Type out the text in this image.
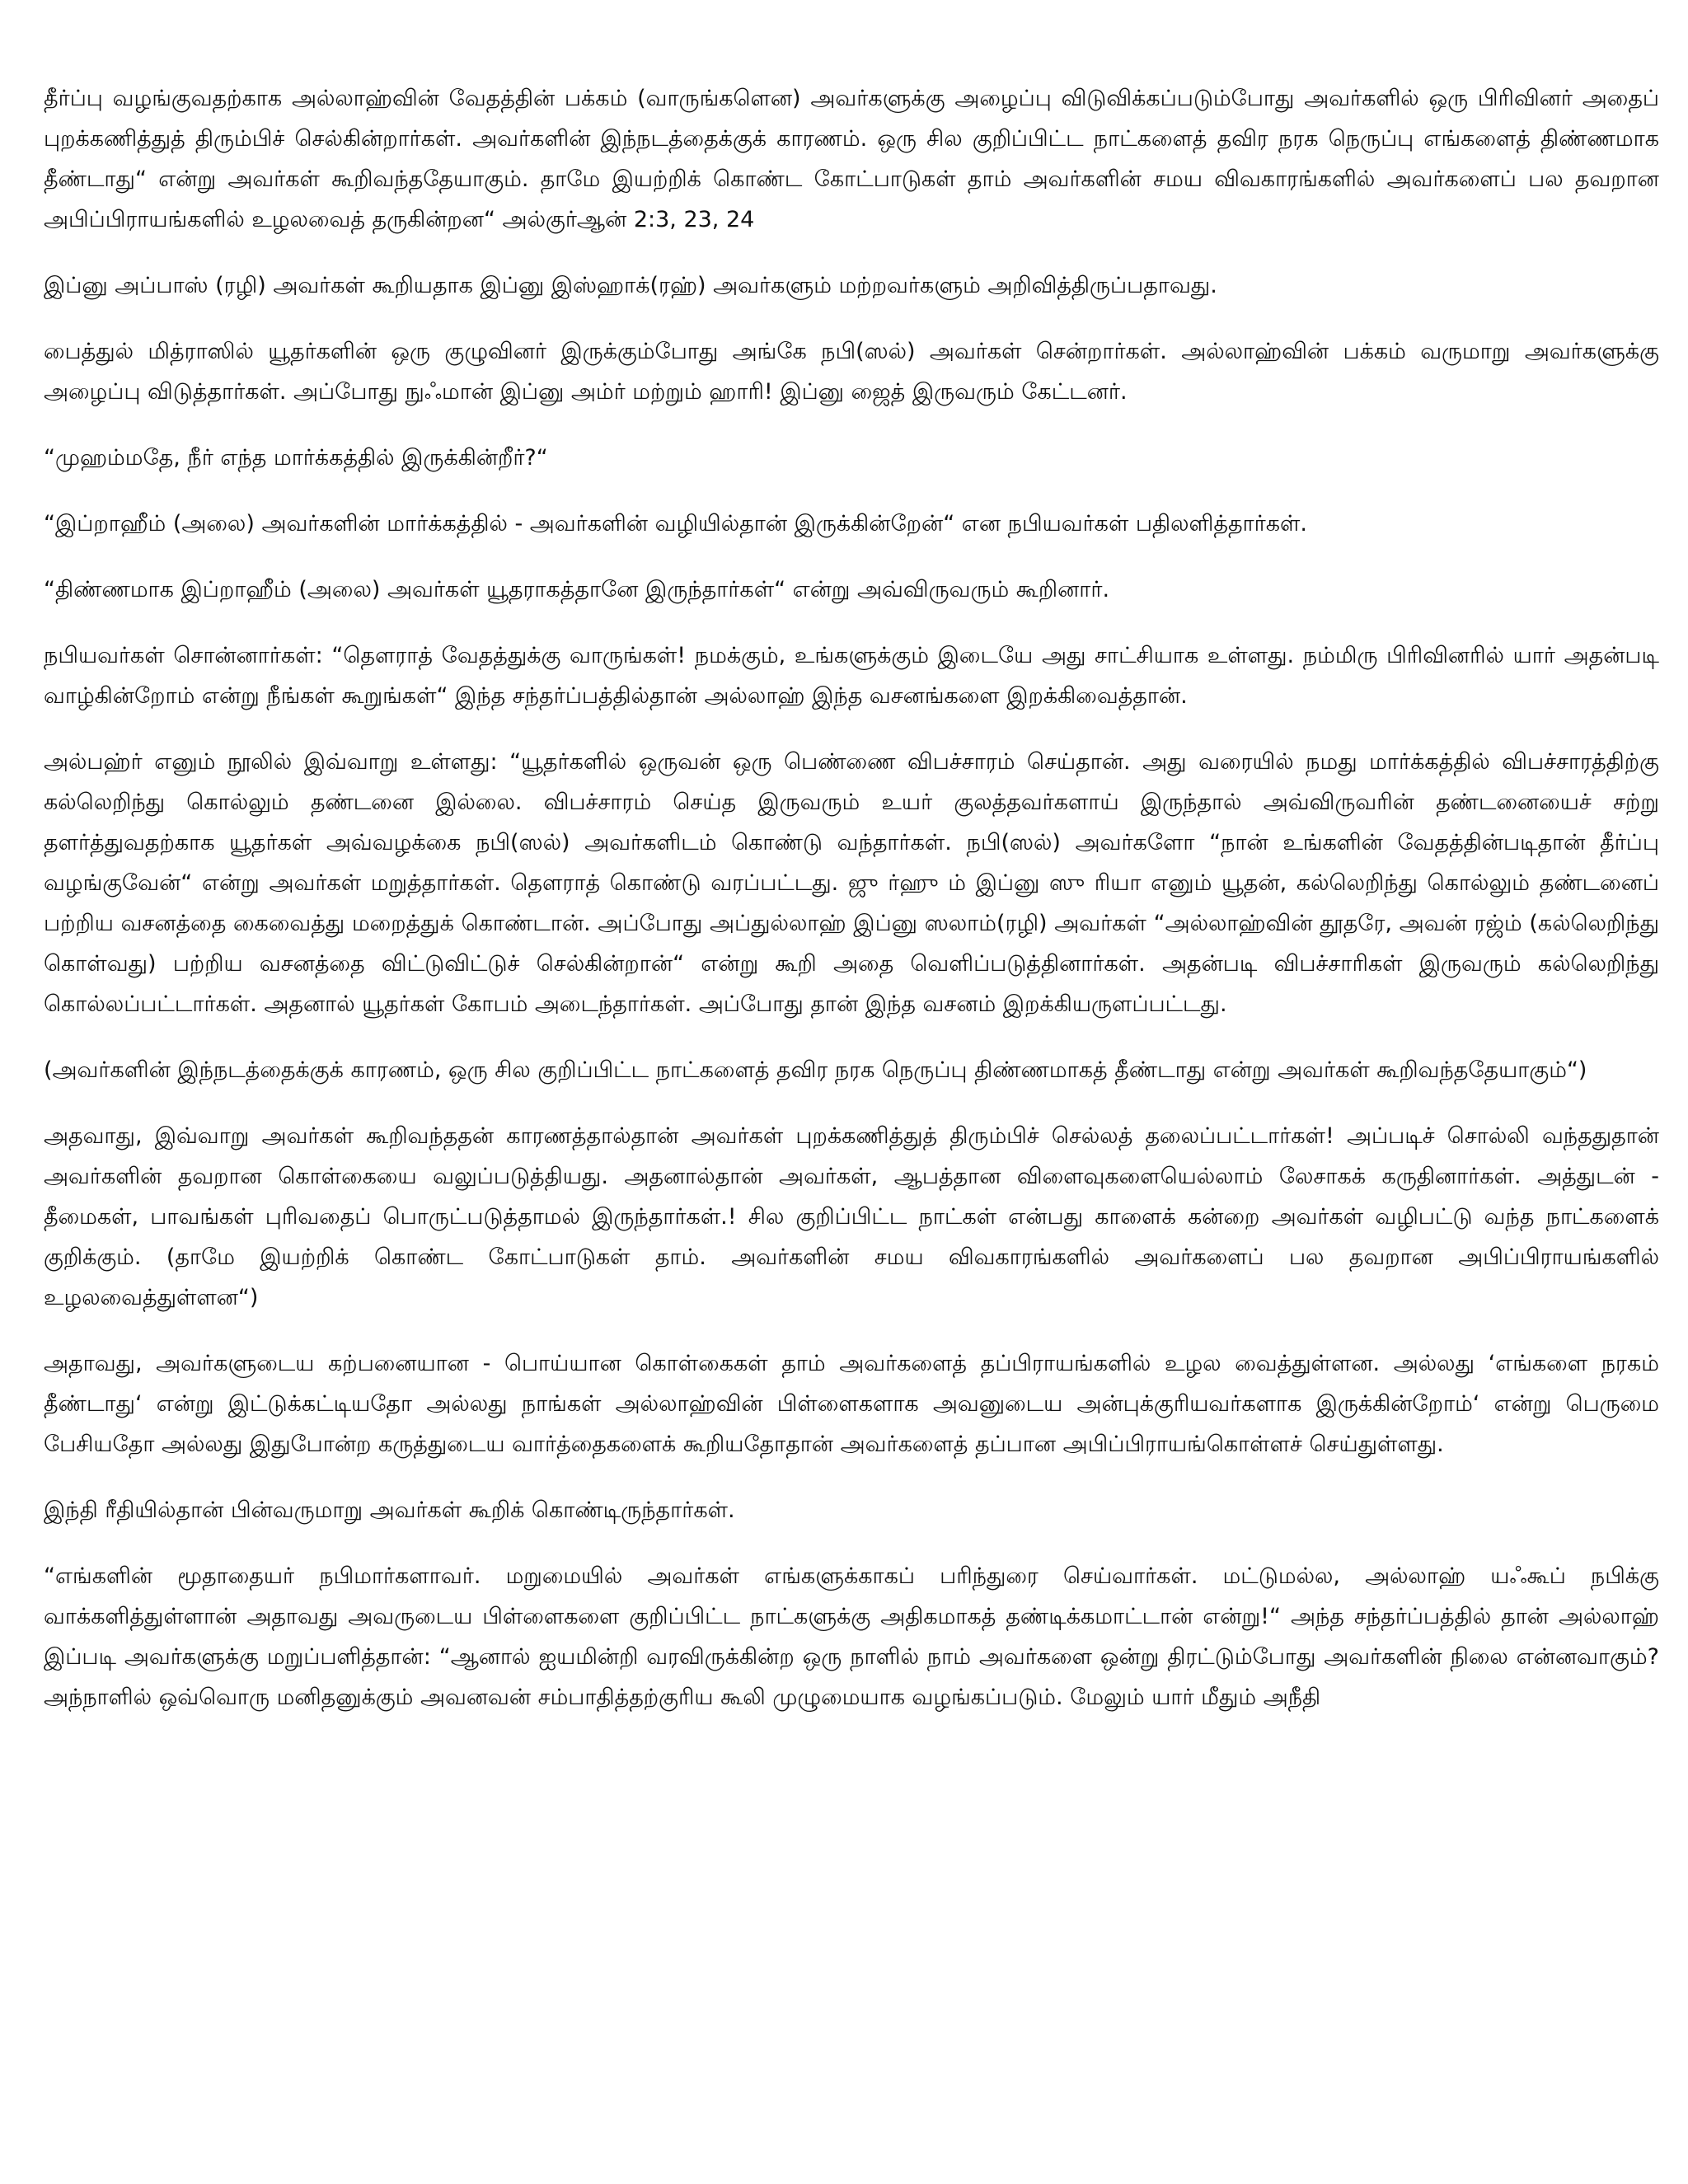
தீர்ப்பு வழங்குவதற்காக அல்லாஹ்வின் வேதத்தின் பக்கம் (வாருங்களென) அவர்களுக்கு அழைப்பு விடுவிக்கப்படும்போது அவர்களில் ஒரு பிரிவினர் அதைப் புறக்கணித்துத் திரும்பிச் செல்கின்றார்கள். அவர்களின் இந்நடத்தைக்குக் காரணம். ஒரு சில குறிப்பிட்ட நாட்களைத் தவிர நரக நெருப்பு எங்களைத் திண்ணமாக தீண்டாது“ என்று அவர்கள் கூறிவந்ததேயாகும். தாமே இயற்றிக் கொண்ட கோட்பாடுகள் தாம் அவர்களின் சமய விவகாரங்களில் அவர்களைப் பல தவறான அபிப்பிராயங்களில் உழலவைத் தருகின்றன“ அல்குர்ஆன் 2:3, 23, 24

இப்னு அப்பாஸ் (ரழி) அவர்கள் கூறியதாக இப்னு இஸ்ஹாக்(ரஹ்) அவர்களும் மற்றவர்களும் அறிவித்திருப்பதாவது.

பைத்துல் மித்ராஸில் யூதர்களின் ஒரு குழுவினர் இருக்கும்போது அங்கே நபி(ஸல்) அவர்கள் சென்றார்கள். அல்லாஹ்வின் பக்கம் வருமாறு அவர்களுக்கு அழைப்பு விடுத்தார்கள். அப்போது நுஃமான் இப்னு அம்ர் மற்றும் ஹாரி! இப்னு ஜைத் இருவரும் கேட்டனர்.

“முஹம்மதே, நீர் எந்த மார்க்கத்தில் இருக்கின்றீர்?“

“இப்றாஹீம் (அலை) அவர்களின் மார்க்கத்தில் - அவர்களின் வழியில்தான் இருக்கின்றேன்“ என நபியவர்கள் பதிலளித்தார்கள்.

“திண்ணமாக இப்றாஹீம் (அலை) அவர்கள் யூதராகத்தானே இருந்தார்கள்“ என்று அவ்விருவரும் கூறினார்.

நபியவர்கள் சொன்னார்கள்: “தௌராத் வேதத்துக்கு வாருங்கள்! நமக்கும், உங்களுக்கும் இடையே அது சாட்சியாக உள்ளது. நம்மிரு பிரிவினரில் யார் அதன்படி வாழ்கின்றோம் என்று நீங்கள் கூறுங்கள்“ இந்த சந்தர்ப்பத்தில்தான் அல்லாஹ் இந்த வசனங்களை இறக்கிவைத்தான்.

அல்பஹ்ர் எனும் நூலில் இவ்வாறு உள்ளது: “யூதர்களில் ஒருவன் ஒரு பெண்ணை விபச்சாரம் செய்தான். அது வரையில் நமது மார்க்கத்தில் விபச்சாரத்திற்கு கல்லெறிந்து கொல்லும் தண்டனை இல்லை. விபச்சாரம் செய்த இருவரும் உயர் குலத்தவர்களாய் இருந்தால் அவ்விருவரின் தண்டனையைச் சற்று தளர்த்துவதற்காக யூதர்கள் அவ்வழக்கை நபி(ஸல்) அவர்களிடம் கொண்டு வந்தார்கள். நபி(ஸல்) அவர்களோ “நான் உங்களின் வேதத்தின்படிதான் தீர்ப்பு வழங்குவேன்“ என்று அவர்கள் மறுத்தார்கள். தௌராத் கொண்டு வரப்பட்டது. ஜு ர்ஹு ம் இப்னு ஸு ரியா எனும் யூதன், கல்லெறிந்து கொல்லும் தண்டனைப் பற்றிய வசனத்தை கைவைத்து மறைத்துக் கொண்டான். அப்போது அப்துல்லாஹ் இப்னு ஸலாம்(ரழி) அவர்கள் “அல்லாஹ்வின் தூதரே, அவன் ரஜ்ம் (கல்லெறிந்து கொள்வது) பற்றிய வசனத்தை விட்டுவிட்டுச் செல்கின்றான்“ என்று கூறி அதை வெளிப்படுத்தினார்கள். அதன்படி விபச்சாரிகள் இருவரும் கல்லெறிந்து கொல்லப்பட்டார்கள். அதனால் யூதர்கள் கோபம் அடைந்தார்கள். அப்போது தான் இந்த வசனம் இறக்கியருளப்பட்டது.

(அவர்களின் இந்நடத்தைக்குக் காரணம், ஒரு சில குறிப்பிட்ட நாட்களைத் தவிர நரக நெருப்பு திண்ணமாகத் தீண்டாது என்று அவர்கள் கூறிவந்ததேயாகும்“)

அதவாது, இவ்வாறு அவர்கள் கூறிவந்ததன் காரணத்தால்தான் அவர்கள் புறக்கணித்துத் திரும்பிச் செல்லத் தலைப்பட்டார்கள்! அப்படிச் சொல்லி வந்ததுதான் அவர்களின் தவறான கொள்கையை வலுப்படுத்தியது. அதனால்தான் அவர்கள், ஆபத்தான விளைவுகளையெல்லாம் லேசாகக் கருதினார்கள். அத்துடன் - தீமைகள், பாவங்கள் புரிவதைப் பொருட்படுத்தாமல் இருந்தார்கள்.! சில குறிப்பிட்ட நாட்கள் என்பது காளைக் கன்றை அவர்கள் வழிபட்டு வந்த நாட்களைக் குறிக்கும். (தாமே இயற்றிக் கொண்ட கோட்பாடுகள் தாம். அவர்களின் சமய விவகாரங்களில் அவர்களைப் பல தவறான அபிப்பிராயங்களில் உழலவைத்துள்ளன“)

அதாவது, அவர்களுடைய கற்பனையான - பொய்யான கொள்கைகள் தாம் அவர்களைத் தப்பிராயங்களில் உழல வைத்துள்ளன. அல்லது ‘எங்களை நரகம் தீண்டாது‘ என்று இட்டுக்கட்டியதோ அல்லது நாங்கள் அல்லாஹ்வின் பிள்ளைகளாக அவனுடைய அன்புக்குரியவர்களாக இருக்கின்றோம்‘ என்று பெருமை பேசியதோ அல்லது இதுபோன்ற கருத்துடைய வார்த்தைகளைக் கூறியதோதான் அவர்களைத் தப்பான அபிப்பிராயங்கொள்ளச் செய்துள்ளது.

இந்தி ரீதியில்தான் பின்வருமாறு அவர்கள் கூறிக் கொண்டிருந்தார்கள்.

“எங்களின் மூதாதையர் நபிமார்களாவர். மறுமையில் அவர்கள் எங்களுக்காகப் பரிந்துரை செய்வார்கள். மட்டுமல்ல, அல்லாஹ் யஃகூப் நபிக்கு வாக்களித்துள்ளான் அதாவது அவருடைய பிள்ளைகளை குறிப்பிட்ட நாட்களுக்கு அதிகமாகத் தண்டிக்கமாட்டான் என்று!“ அந்த சந்தர்ப்பத்தில் தான் அல்லாஹ் இப்படி அவர்களுக்கு மறுப்பளித்தான்: “ஆனால் ஐயமின்றி வரவிருக்கின்ற ஒரு நாளில் நாம் அவர்களை ஒன்று திரட்டும்போது அவர்களின் நிலை என்னவாகும்? அந்நாளில் ஒவ்வொரு மனிதனுக்கும் அவனவன் சம்பாதித்தற்குரிய கூலி முழுமையாக வழங்கப்படும். மேலும் யார் மீதும் அநீதி
